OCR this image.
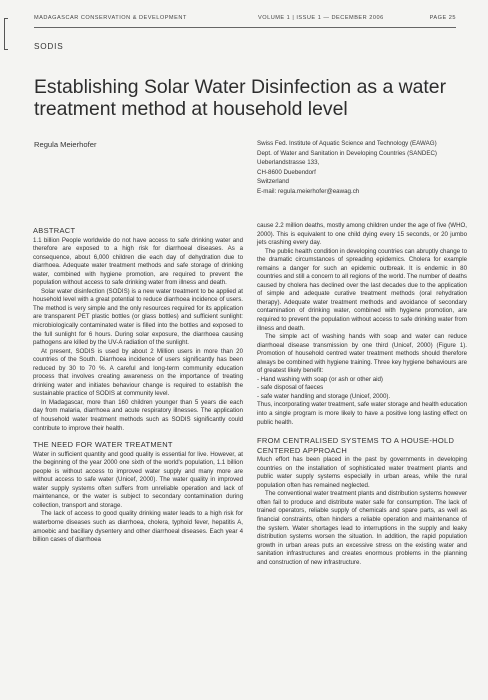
MADAGASCAR CONSERVATION & DEVELOPMENT	VOLUME 1 | ISSUE 1 — DECEMBER 2006	PAGE 25
SODIS
Establishing Solar Water Disinfection as a water treatment method at household level
Regula Meierhofer	Swiss Fed. Institute of Aquatic Science and Technology (EAWAG)
Dept. of Water and Sanitation in Developing Countries (SANDEC)
Ueberlandstrasse 133,
CH-8600 Duebendorf
Switzerland
E-mail: regula.meierhofer@eawag.ch
ABSTRACT

1.1 billion People worldwide do not have access to safe drinking water and therefore are exposed to a high risk for diarrhoeal diseases. As a consequence, about 6,000 children die each day of dehydration due to diarrhoea. Adequate water treatment methods and safe storage of drinking water, combined with hygiene promotion, are required to prevent the population without access to safe drinking water from illness and death.

Solar water disinfection (SODIS) is a new water treatment to be applied at household level with a great potential to reduce diarrhoea incidence of users. The method is very simple and the only resources required for its application are transparent PET plastic bottles (or glass bottles) and sufficient sunlight: microbiologically contaminated water is filled into the bottles and exposed to the full sunlight for 6 hours. During solar exposure, the diarrhoea causing pathogens are killed by the UV-A radiation of the sunlight.

At present, SODIS is used by about 2 Million users in more than 20 countries of the South. Diarrhoea incidence of users significantly has been reduced by 30 to 70 %. A careful and long-term community education process that involves creating awareness on the importance of treating drinking water and initiates behaviour change is required to establish the sustainable practice of SODIS at community level.

In Madagascar, more than 160 children younger than 5 years die each day from malaria, diarrhoea and acute respiratory illnesses. The application of household water treatment methods such as SODIS significantly could contribute to improve their health.

THE NEED FOR WATER TREATMENT

Water in sufficient quantity and good quality is essential for live. However, at the beginning of the year 2000 one sixth of the world's population, 1.1 billion people is without access to improved water supply and many more are without access to safe water (Unicef, 2000). The water quality in improved water supply systems often suffers from unreliable operation and lack of maintenance, or the water is subject to secondary contamination during collection, transport and storage.

The lack of access to good quality drinking water leads to a high risk for waterborne diseases such as diarrhoea, cholera, typhoid fever, hepatitis A, amoebic and bacillary dysentery and other diarrhoeal diseases. Each year 4 billion cases of diarrhoea

cause 2.2 million deaths, mostly among children under the age of five (WHO, 2000). This is equivalent to one child dying every 15 seconds, or 20 jumbo jets crashing every day.

The public health condition in developing countries can abruptly change to the dramatic circumstances of spreading epidemics. Cholera for example remains a danger for such an epidemic outbreak. It is endemic in 80 countries and still a concern to all regions of the world. The number of deaths caused by cholera has declined over the last decades due to the application of simple and adequate curative treatment methods (oral rehydration therapy). Adequate water treatment methods and avoidance of secondary contamination of drinking water, combined with hygiene promotion, are required to prevent the population without access to safe drinking water from illness and death.

The simple act of washing hands with soap and water can reduce diarrhoeal disease transmission by one third (Unicef, 2000) (Figure 1). Promotion of household centred water treatment methods should therefore always be combined with hygiene training. Three key hygiene behaviours are of greatest likely benefit:

- Hand washing with soap (or ash or other aid)
- safe disposal of faeces
- safe water handling and storage (Unicef, 2000).

Thus, incorporating water treatment, safe water storage and health education into a single program is more likely to have a positive long lasting effect on public health.

FROM CENTRALISED SYSTEMS TO A HOUSE-HOLD CENTERED APPROACH

Much effort has been placed in the past by governments in developing countries on the installation of sophisticated water treatment plants and public water supply systems especially in urban areas, while the rural population often has remained neglected.

The conventional water treatment plants and distribution systems however often fail to produce and distribute water safe for consumption. The lack of trained operators, reliable supply of chemicals and spare parts, as well as financial constraints, often hinders a reliable operation and maintenance of the system. Water shortages lead to interruptions in the supply and leaky distribution systems worsen the situation. In addition, the rapid population growth in urban areas puts an excessive stress on the existing water and sanitation infrastructures and creates enormous problems in the planning and construction of new infrastructure.
